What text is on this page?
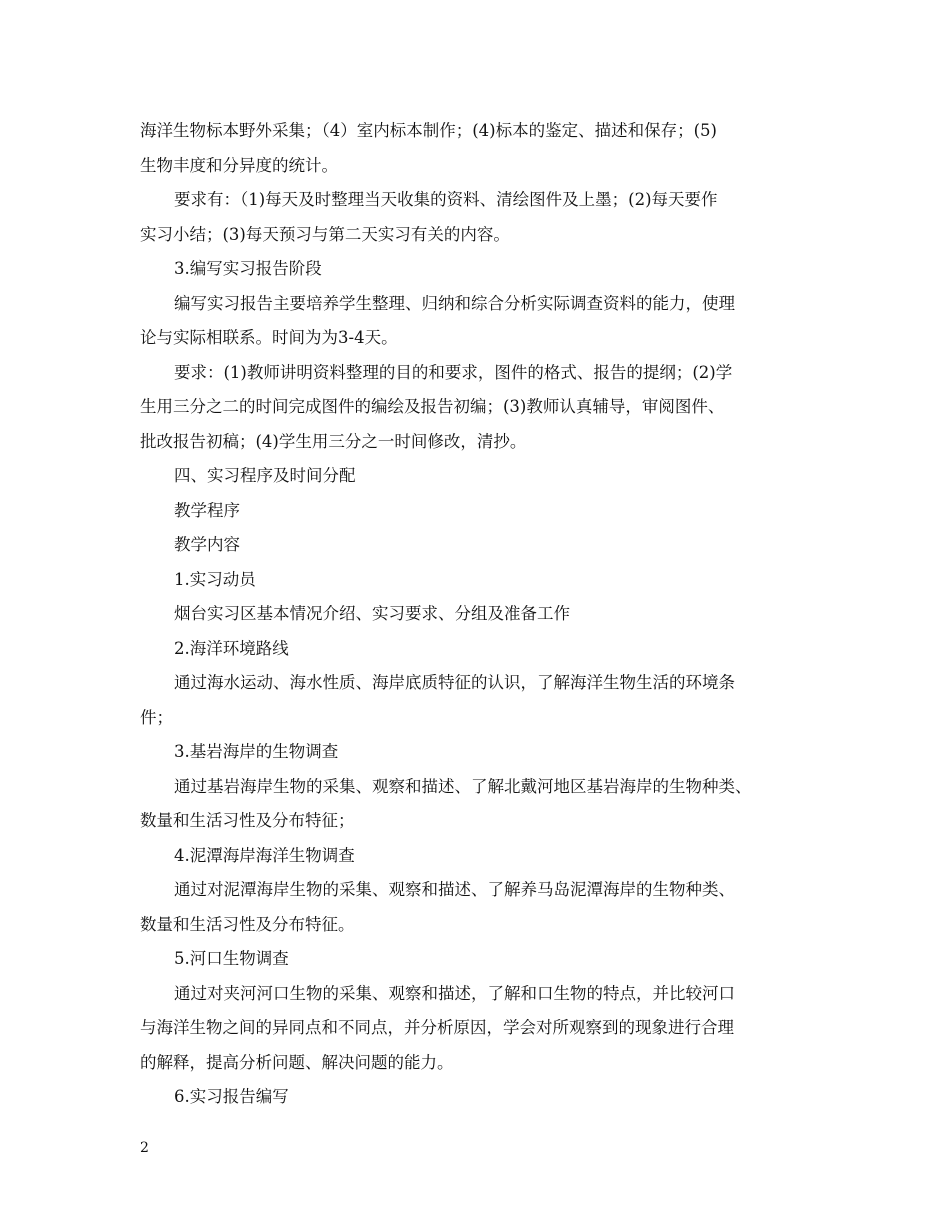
海洋生物标本野外采集；（4）室内标本制作；(4)标本的鉴定、描述和保存；(5)

生物丰度和分异度的统计。

要求有：（1)每天及时整理当天收集的资料、清绘图件及上墨；(2)每天要作

实习小结；(3)每天预习与第二天实习有关的内容。

3.编写实习报告阶段

编写实习报告主要培养学生整理、归纳和综合分析实际调查资料的能力，使理

论与实际相联系。时间为为3-4天。

要求：(1)教师讲明资料整理的目的和要求，图件的格式、报告的提纲；(2)学

生用三分之二的时间完成图件的编绘及报告初编；(3)教师认真辅导，审阅图件、

批改报告初稿；(4)学生用三分之一时间修改，清抄。

四、实习程序及时间分配

教学程序

教学内容

1.实习动员

烟台实习区基本情况介绍、实习要求、分组及准备工作

2.海洋环境路线

通过海水运动、海水性质、海岸底质特征的认识，了解海洋生物生活的环境条

件；

3.基岩海岸的生物调查

通过基岩海岸生物的采集、观察和描述、了解北戴河地区基岩海岸的生物种类、

数量和生活习性及分布特征；

4.泥潭海岸海洋生物调查

通过对泥潭海岸生物的采集、观察和描述、了解养马岛泥潭海岸的生物种类、

数量和生活习性及分布特征。

5.河口生物调查

通过对夹河河口生物的采集、观察和描述，了解和口生物的特点，并比较河口

与海洋生物之间的异同点和不同点，并分析原因，学会对所观察到的现象进行合理

的解释，提高分析问题、解决问题的能力。

6.实习报告编写

2
